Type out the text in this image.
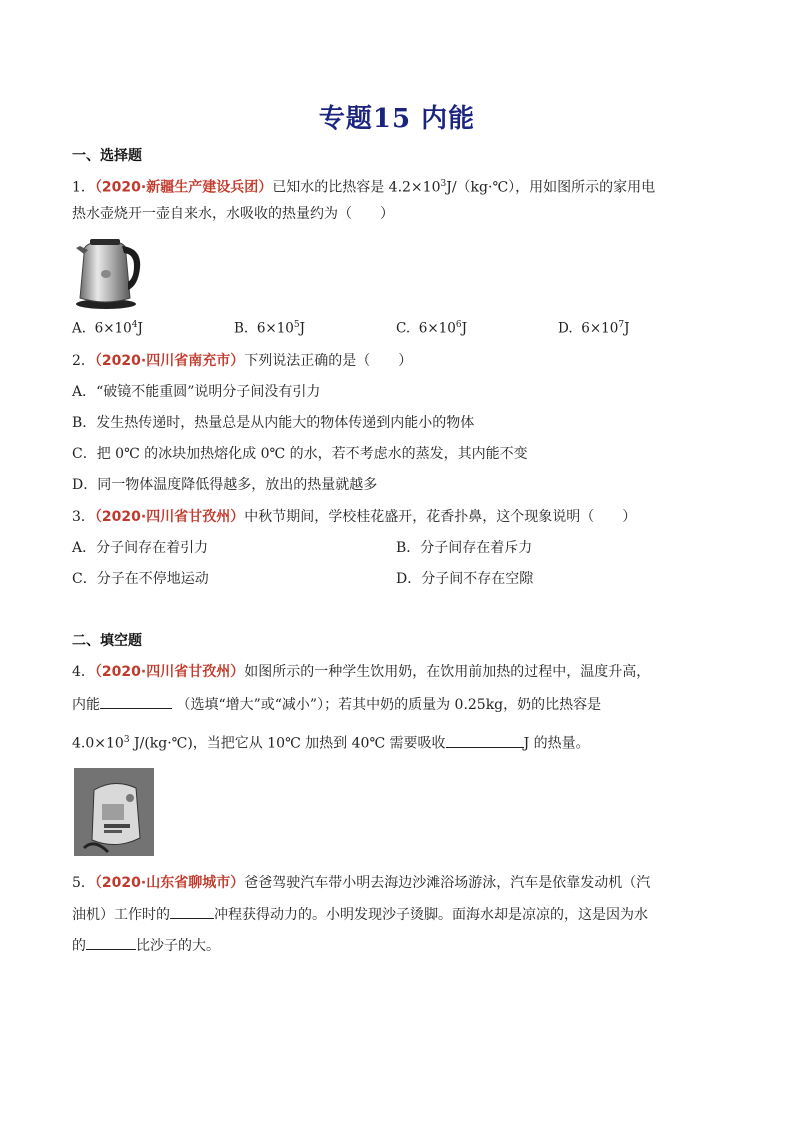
专题15 内能
一、选择题
1．（2020·新疆生产建设兵团）已知水的比热容是 $4.2\times 10^3J/(kg\cdot℃)$，用如图所示的家用电
热水壶烧开一壶自来水，水吸收的热量约为（　　）
A. $6\times 10^4J$	B. $6\times 10^5J$	C. $6\times 10^6J$	D. $6\times 10^7J$
2．（2020·四川省南充市）下列说法正确的是（　　）
A．“破镜不能重圆”说明分子间没有引力
B．发生热传递时，热量总是从内能大的物体传递到内能小的物体
C．把 0℃ 的冰块加热熔化成 0℃ 的水，若不考虑水的蒸发，其内能不变
D．同一物体温度降低得越多，放出的热量就越多
3．（2020·四川省甘孜州）中秋节期间，学校桂花盛开，花香扑鼻，这个现象说明（　　）
A．分子间存在着引力	B．分子间存在着斥力
C．分子在不停地运动	D．分子间不存在空隙
二、填空题
4．（2020·四川省甘孜州）如图所示的一种学生饮用奶，在饮用前加热的过程中，温度升高，
内能	（选填“增大”或“减小”）；若其中奶的质量为 0.25kg，奶的比热容是
$4.0\times 10^3$ J/(kg·℃)，当把它从 10℃ 加热到 40℃ 需要吸收	J 的热量。
5．（2020·山东省聊城市）爸爸驾驶汽车带小明去海边沙滩浴场游泳，汽车是依靠发动机（汽
油机）工作时的	冲程获得动力的。小明发现沙子烫脚。面海水却是凉凉的，这是因为水
的	比沙子的大。
